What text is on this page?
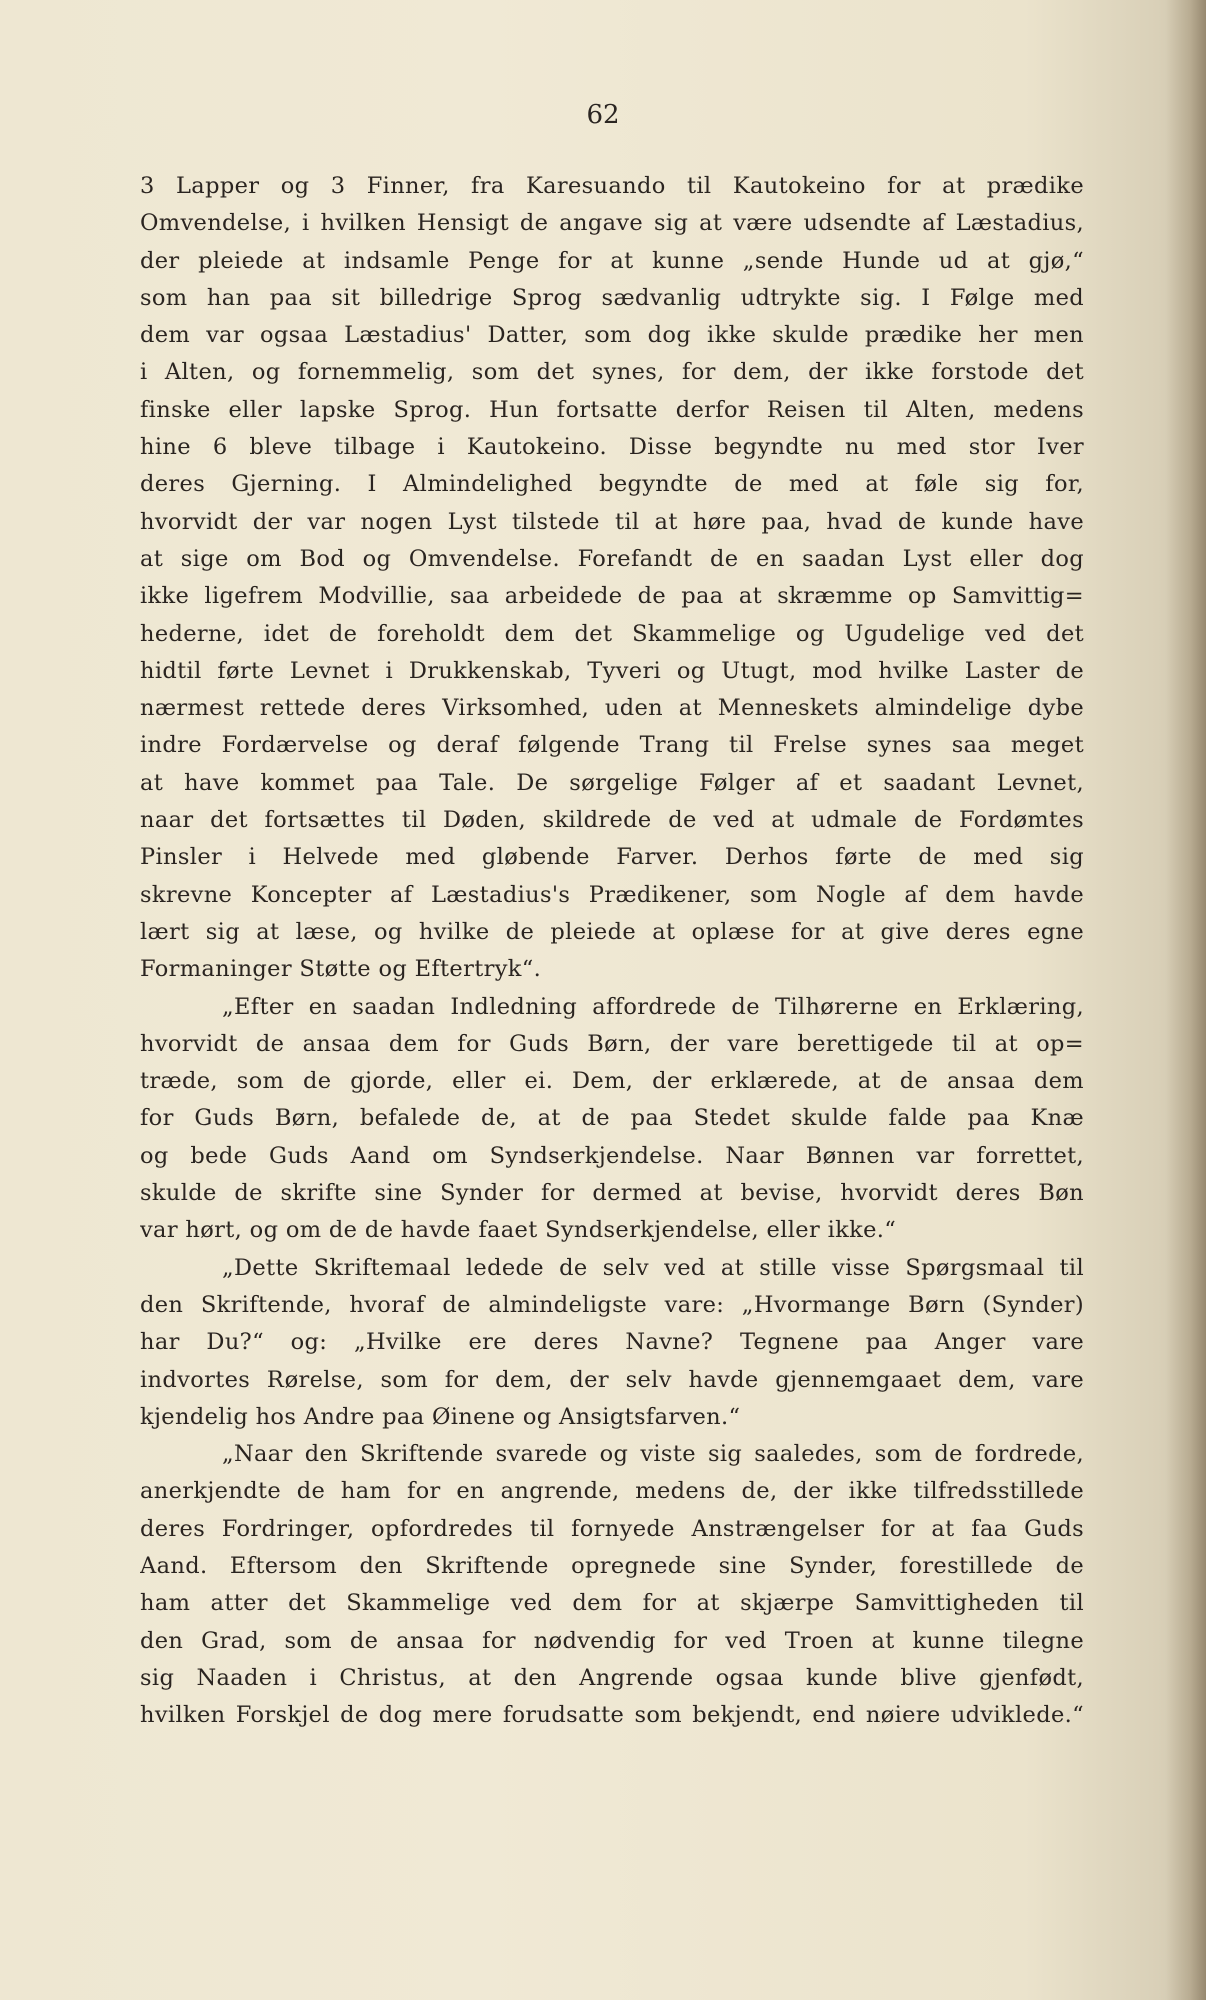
62
3 Lapper og 3 Finner, fra Karesuando til Kautokeino for at prædike
Omvendelse, i hvilken Hensigt de angave sig at være udsendte af Læstadius,
der pleiede at indsamle Penge for at kunne „sende Hunde ud at gjø,“
som han paa sit billedrige Sprog sædvanlig udtrykte sig. I Følge med
dem var ogsaa Læstadius' Datter, som dog ikke skulde prædike her men
i Alten, og fornemmelig, som det synes, for dem, der ikke forstode det
finske eller lapske Sprog. Hun fortsatte derfor Reisen til Alten, medens
hine 6 bleve tilbage i Kautokeino. Disse begyndte nu med stor Iver
deres Gjerning. I Almindelighed begyndte de med at føle sig for,
hvorvidt der var nogen Lyst tilstede til at høre paa, hvad de kunde have
at sige om Bod og Omvendelse. Forefandt de en saadan Lyst eller dog
ikke ligefrem Modvillie, saa arbeidede de paa at skræmme op Samvittig=
hederne, idet de foreholdt dem det Skammelige og Ugudelige ved det
hidtil førte Levnet i Drukkenskab, Tyveri og Utugt, mod hvilke Laster de
nærmest rettede deres Virksomhed, uden at Menneskets almindelige dybe
indre Fordærvelse og deraf følgende Trang til Frelse synes saa meget
at have kommet paa Tale. De sørgelige Følger af et saadant Levnet,
naar det fortsættes til Døden, skildrede de ved at udmale de Fordømtes
Pinsler i Helvede med gløbende Farver. Derhos førte de med sig
skrevne Koncepter af Læstadius's Prædikener, som Nogle af dem havde
lært sig at læse, og hvilke de pleiede at oplæse for at give deres egne
Formaninger Støtte og Eftertryk“.
„Efter en saadan Indledning affordrede de Tilhørerne en Erklæring,
hvorvidt de ansaa dem for Guds Børn, der vare berettigede til at op=
træde, som de gjorde, eller ei. Dem, der erklærede, at de ansaa dem
for Guds Børn, befalede de, at de paa Stedet skulde falde paa Knæ
og bede Guds Aand om Syndserkjendelse. Naar Bønnen var forrettet,
skulde de skrifte sine Synder for dermed at bevise, hvorvidt deres Bøn
var hørt, og om de de havde faaet Syndserkjendelse, eller ikke.“
„Dette Skriftemaal ledede de selv ved at stille visse Spørgsmaal til
den Skriftende, hvoraf de almindeligste vare: „Hvormange Børn (Synder)
har Du?“ og: „Hvilke ere deres Navne? Tegnene paa Anger vare
indvortes Rørelse, som for dem, der selv havde gjennemgaaet dem, vare
kjendelig hos Andre paa Øinene og Ansigtsfarven.“
„Naar den Skriftende svarede og viste sig saaledes, som de fordrede,
anerkjendte de ham for en angrende, medens de, der ikke tilfredsstillede
deres Fordringer, opfordredes til fornyede Anstrængelser for at faa Guds
Aand. Eftersom den Skriftende opregnede sine Synder, forestillede de
ham atter det Skammelige ved dem for at skjærpe Samvittigheden til
den Grad, som de ansaa for nødvendig for ved Troen at kunne tilegne
sig Naaden i Christus, at den Angrende ogsaa kunde blive gjenfødt,
hvilken Forskjel de dog mere forudsatte som bekjendt, end nøiere udviklede.“
